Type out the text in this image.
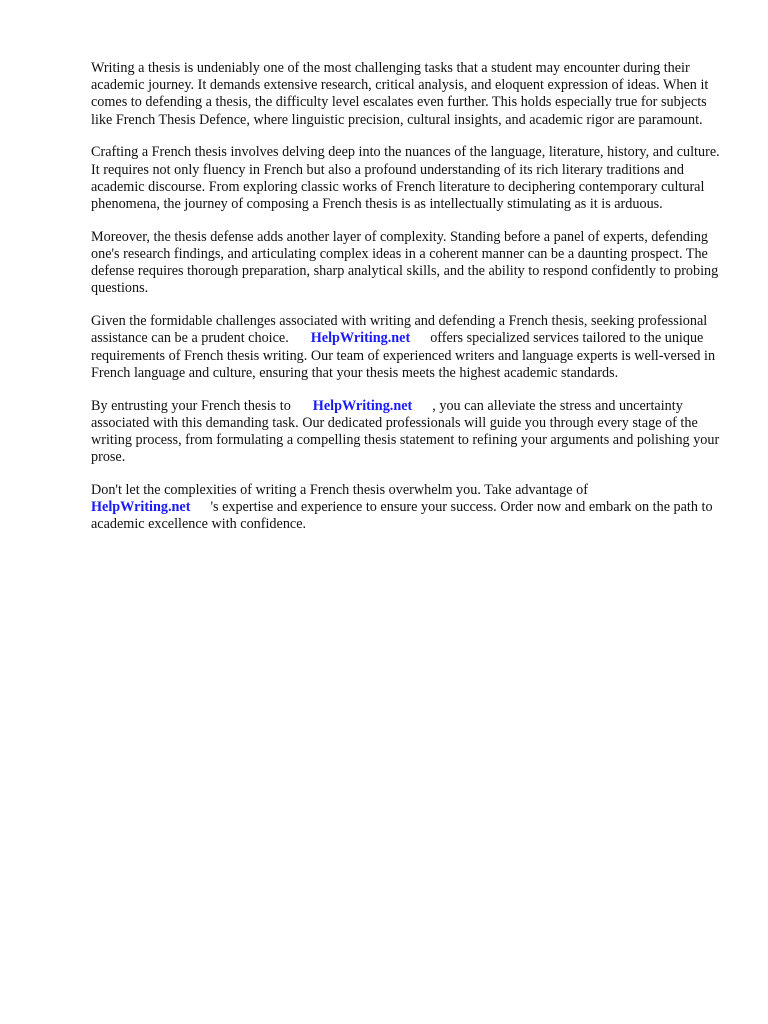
Writing a thesis is undeniably one of the most challenging tasks that a student may encounter during their academic journey. It demands extensive research, critical analysis, and eloquent expression of ideas. When it comes to defending a thesis, the difficulty level escalates even further. This holds especially true for subjects like French Thesis Defence, where linguistic precision, cultural insights, and academic rigor are paramount.

Crafting a French thesis involves delving deep into the nuances of the language, literature, history, and culture. It requires not only fluency in French but also a profound understanding of its rich literary traditions and academic discourse. From exploring classic works of French literature to deciphering contemporary cultural phenomena, the journey of composing a French thesis is as intellectually stimulating as it is arduous.

Moreover, the thesis defense adds another layer of complexity. Standing before a panel of experts, defending one's research findings, and articulating complex ideas in a coherent manner can be a daunting prospect. The defense requires thorough preparation, sharp analytical skills, and the ability to respond confidently to probing questions.

Given the formidable challenges associated with writing and defending a French thesis, seeking professional assistance can be a prudent choice. HelpWriting.net offers specialized services tailored to the unique requirements of French thesis writing. Our team of experienced writers and language experts is well-versed in French language and culture, ensuring that your thesis meets the highest academic standards.

By entrusting your French thesis to HelpWriting.net , you can alleviate the stress and uncertainty associated with this demanding task. Our dedicated professionals will guide you through every stage of the writing process, from formulating a compelling thesis statement to refining your arguments and polishing your prose.

Don't let the complexities of writing a French thesis overwhelm you. Take advantage of
HelpWriting.net 's expertise and experience to ensure your success. Order now and embark on the path to academic excellence with confidence.
